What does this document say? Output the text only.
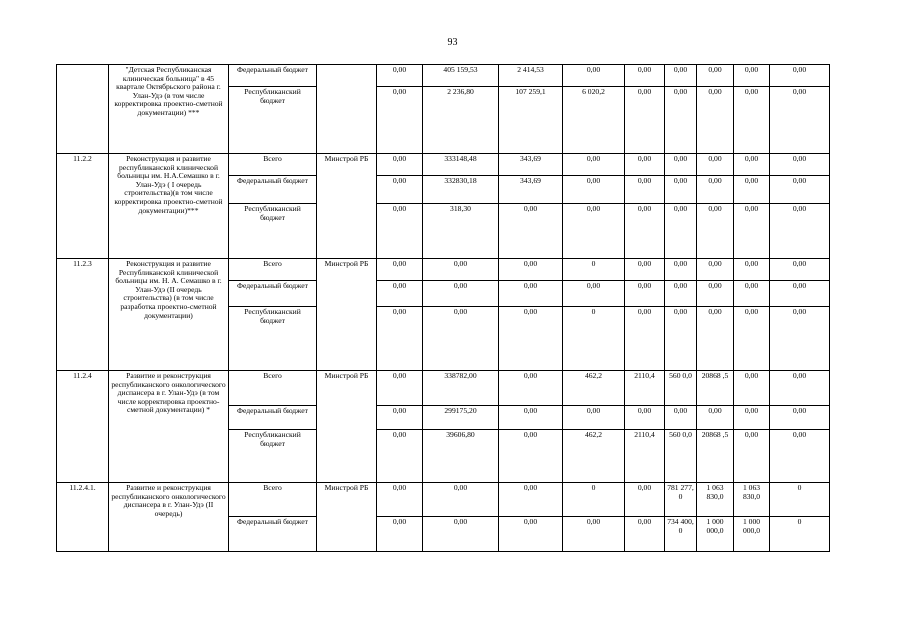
93
	"Детская Республиканская клиническая больница" в 45 квартале Октябрьского района г. Улан-Удэ (в том числе корректировка проектно-сметной документации) ***	Федеральный бюджет		0,00	405 159,53	2 414,53	0,00	0,00	0,00	0,00	0,00	0,00
		Республиканский бюджет		0,00	2 236,80	107 259,1	6 020,2	0,00	0,00	0,00	0,00	0,00
11.2.2	Реконструкция и развитие республиканской клинической больницы им. Н.А.Семашко в г. Улан-Удэ ( I очередь строительства)(в том числе корректировка проектно-сметной документации)***	Всего	Минстрой РБ	0,00	333148,48	343,69	0,00	0,00	0,00	0,00	0,00	0,00
		Федеральный бюджет		0,00	332830,18	343,69	0,00	0,00	0,00	0,00	0,00	0,00
		Республиканский бюджет		0,00	318,30	0,00	0,00	0,00	0,00	0,00	0,00	0,00
11.2.3	Реконструкция и развитие Республиканской клинической больницы им. Н. А. Семашко в г. Улан-Удэ (II очередь строительства) (в том числе разработка проектно-сметной документации)	Всего	Минстрой РБ	0,00	0,00	0,00	0	0,00	0,00	0,00	0,00	0,00
		Федеральный бюджет		0,00	0,00	0,00	0,00	0,00	0,00	0,00	0,00	0,00
		Республиканский бюджет		0,00	0,00	0,00	0	0,00	0,00	0,00	0,00	0,00
11.2.4	Развитие и реконструкция республиканского онкологического диспансера в г. Улан-Удэ (в том числе корректировка проектно-сметной документации) *	Всего	Минстрой РБ	0,00	338782,00	0,00	462,2	2110,4	560 0,0	20868 ,5	0,00	0,00
		Федеральный бюджет		0,00	299175,20	0,00	0,00	0,00	0,00	0,00	0,00	0,00
		Республиканский бюджет		0,00	39606,80	0,00	462,2	2110,4	560 0,0	20868 ,5	0,00	0,00
11.2.4.1.	Развитие и реконструкция республиканского онкологического диспансера в г. Улан-Удэ (II очередь)	Всего	Минстрой РБ	0,00	0,00	0,00	0	0,00	781 277, 0	1 063 830,0	1 063 830,0	0
		Федеральный бюджет		0,00	0,00	0,00	0,00	0,00	734 400, 0	1 000 000,0	1 000 000,0	0
